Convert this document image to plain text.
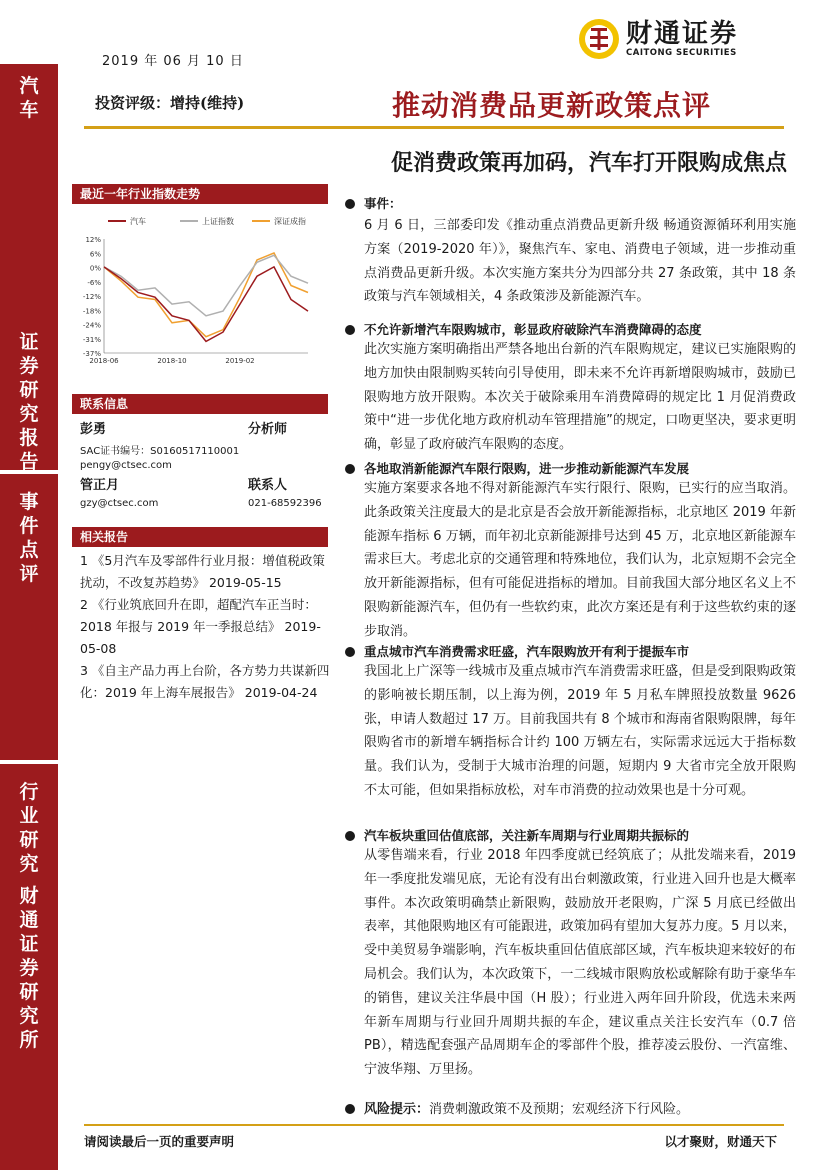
汽
车
证
券
研
究
报
告
事
件
点
评
行
业
研
究
财
通
证
券
研
究
所
2019 年 06 月 10 日
财通证券
CAITONG SECURITIES
投资评级：增持(维持)	推动消费品更新政策点评
促消费政策再加码，汽车打开限购成焦点
最近一年行业指数走势
汽车	上证指数	深证成指
12%
6%
0%
-6%
-12%
-18%
-24%
-31%
-37%
2018-06	2018-10	2019-02
联系信息
彭勇	分析师
SAC证书编号：S0160517110001
pengy@ctsec.com
管正月	联系人
gzy@ctsec.com	021-68592396
相关报告
1 《5月汽车及零部件行业月报：增值税政策扰动，不改复苏趋势》 2019-05-15
2 《行业筑底回升在即，超配汽车正当时：2018 年报与 2019 年一季报总结》 2019-05-08
3 《自主产品力再上台阶，各方势力共谋新四化：2019 年上海车展报告》 2019-04-24
事件：
6 月 6 日，三部委印发《推动重点消费品更新升级 畅通资源循环利用实施方案（2019-2020 年）》，聚焦汽车、家电、消费电子领域，进一步推动重点消费品更新升级。本次实施方案共分为四部分共 27 条政策，其中 18 条政策与汽车领域相关，4 条政策涉及新能源汽车。
不允许新增汽车限购城市，彰显政府破除汽车消费障碍的态度
此次实施方案明确指出严禁各地出台新的汽车限购规定，建议已实施限购的地方加快由限制购买转向引导使用，即未来不允许再新增限购城市，鼓励已限购地方放开限购。本次关于破除乘用车消费障碍的规定比 1 月促消费政策中“进一步优化地方政府机动车管理措施”的规定，口吻更坚决，要求更明确，彰显了政府破汽车限购的态度。
各地取消新能源汽车限行限购，进一步推动新能源汽车发展
实施方案要求各地不得对新能源汽车实行限行、限购，已实行的应当取消。此条政策关注度最大的是北京是否会放开新能源指标，北京地区 2019 年新能源车指标 6 万辆，而年初北京新能源排号达到 45 万，北京地区新能源车需求巨大。考虑北京的交通管理和特殊地位，我们认为，北京短期不会完全放开新能源指标，但有可能促进指标的增加。目前我国大部分地区名义上不限购新能源汽车，但仍有一些软约束，此次方案还是有利于这些软约束的逐步取消。
重点城市汽车消费需求旺盛，汽车限购放开有利于提振车市
我国北上广深等一线城市及重点城市汽车消费需求旺盛，但是受到限购政策的影响被长期压制，以上海为例，2019 年 5 月私车牌照投放数量 9626 张，申请人数超过 17 万。目前我国共有 8 个城市和海南省限购限牌，每年限购省市的新增车辆指标合计约 100 万辆左右，实际需求远远大于指标数量。我们认为，受制于大城市治理的问题，短期内 9 大省市完全放开限购不太可能，但如果指标放松，对车市消费的拉动效果也是十分可观。
汽车板块重回估值底部，关注新车周期与行业周期共振标的
从零售端来看，行业 2018 年四季度就已经筑底了；从批发端来看，2019 年一季度批发端见底，无论有没有出台刺激政策，行业进入回升也是大概率事件。本次政策明确禁止新限购，鼓励放开老限购，广深 5 月底已经做出表率，其他限购地区有可能跟进，政策加码有望加大复苏力度。5 月以来，受中美贸易争端影响，汽车板块重回估值底部区域，汽车板块迎来较好的布局机会。我们认为，本次政策下，一二线城市限购放松或解除有助于豪华车的销售，建议关注华晨中国（H 股）；行业进入两年回升阶段，优选未来两年新车周期与行业回升周期共振的车企，建议重点关注长安汽车（0.7 倍 PB），精选配套强产品周期车企的零部件个股，推荐凌云股份、一汽富维、宁波华翔、万里扬。
风险提示：消费刺激政策不及预期；宏观经济下行风险。
请阅读最后一页的重要声明	以才聚财，财通天下
